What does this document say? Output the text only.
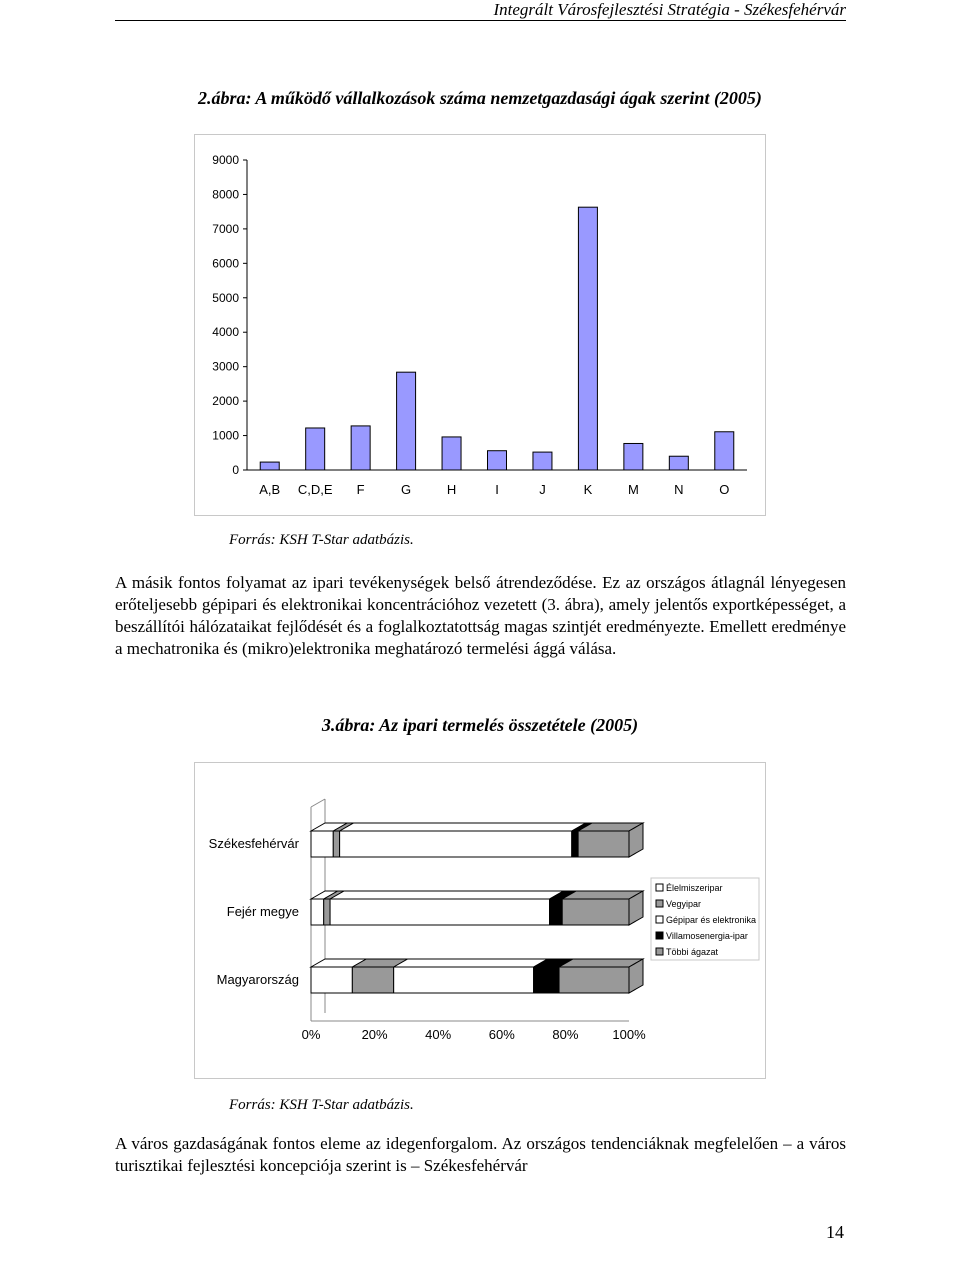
Integrált Városfejlesztési Stratégia - Székesfehérvár
2.ábra: A működő vállalkozások száma nemzetgazdasági ágak szerint (2005)
0
1000
2000
3000
4000
5000
6000
7000
8000
9000
A,B C,D,E F	G	H	I	J	K	M	N	O
Forrás: KSH T-Star adatbázis.

A másik fontos folyamat az ipari tevékenységek belső átrendeződése. Ez az országos átlagnál lényegesen erőteljesebb gépipari és elektronikai koncentrációhoz vezetett (3. ábra), amely jelentős exportképességet, a beszállítói hálózataikat fejlődését és a foglalkoztatottság magas szintjét eredményezte. Emellett eredménye a mechatronika és (mikro)elektronika meghatározó termelési ággá válása.

3.ábra: Az ipari termelés összetétele (2005)
Székesfehérvár
Fejér megye
Magyarország
0%	20%	40%	60%	80%	100%
Élelmiszeripar
Vegyipar
Gépipar és elektronika
Villamosenergia-ipar
Többi ágazat
Forrás: KSH T-Star adatbázis.

A város gazdaságának fontos eleme az idegenforgalom. Az országos tendenciáknak megfelelően – a város turisztikai fejlesztési koncepciója szerint is – Székesfehérvár

14
